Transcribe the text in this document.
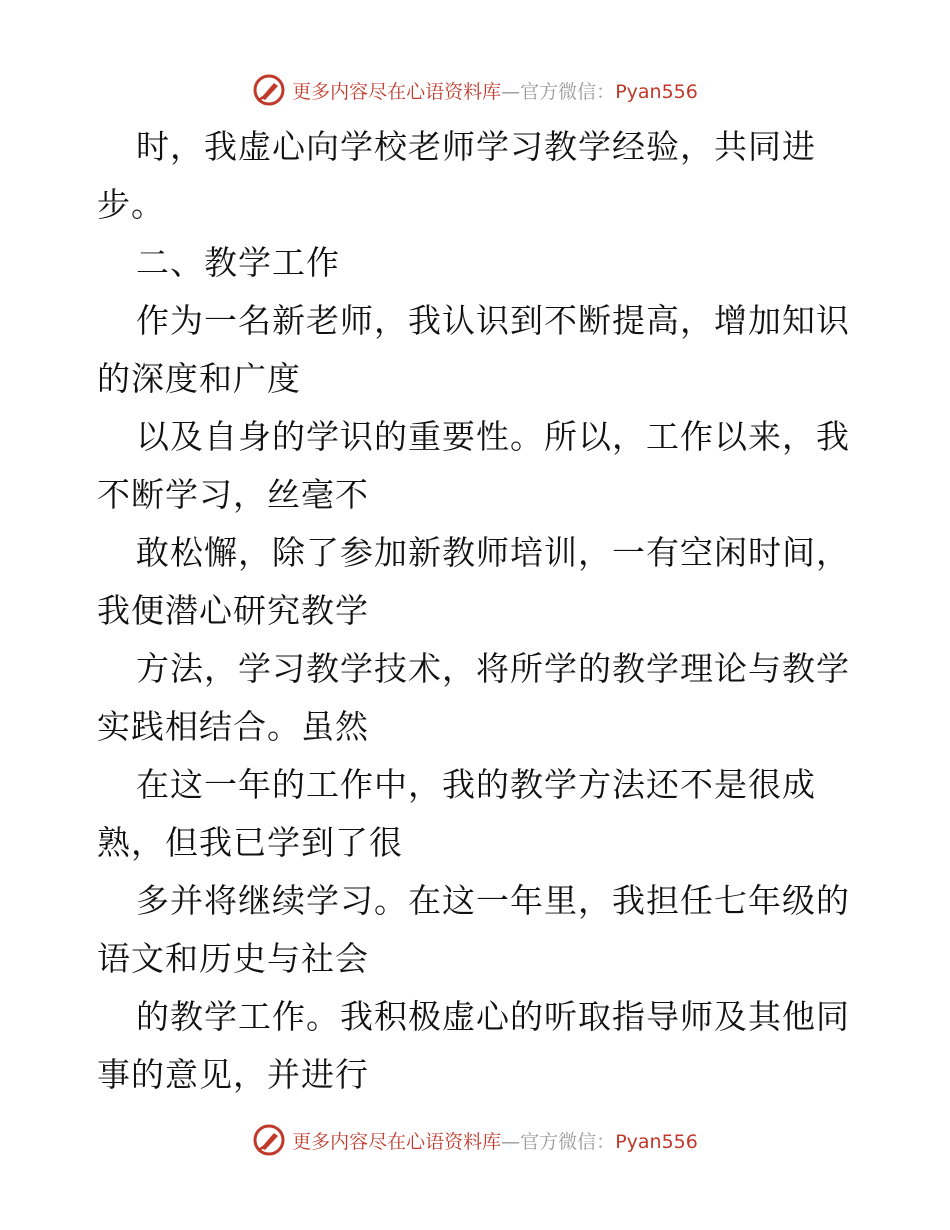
更多内容尽在心语资料库—官方微信：Pyan556
时，我虚心向学校老师学习教学经验，共同进
步。
二、教学工作
作为一名新老师，我认识到不断提高，增加知识
的深度和广度
以及自身的学识的重要性。所以，工作以来，我
不断学习，丝毫不
敢松懈，除了参加新教师培训，一有空闲时间，
我便潜心研究教学
方法，学习教学技术，将所学的教学理论与教学
实践相结合。虽然
在这一年的工作中，我的教学方法还不是很成
熟，但我已学到了很
多并将继续学习。在这一年里，我担任七年级的
语文和历史与社会
的教学工作。我积极虚心的听取指导师及其他同
事的意见，并进行
更多内容尽在心语资料库—官方微信：Pyan556
